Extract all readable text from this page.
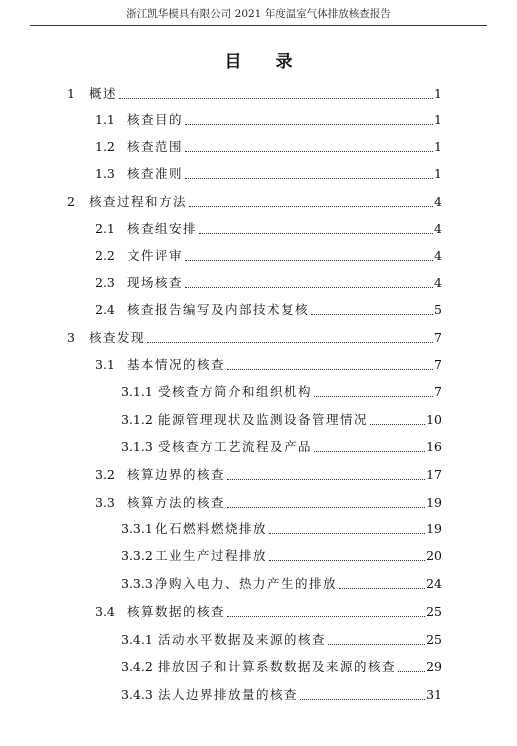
浙江凯华模具有限公司 2021 年度温室气体排放核查报告
目 录
1	概述	1
1.1 核查目的	1
1.2 核查范围	1
1.3 核查准则	1
2	核查过程和方法	4
2.1 核查组安排	4
2.2 文件评审	4
2.3 现场核查	4
2.4 核查报告编写及内部技术复核	5
3	核查发现	7
3.1 基本情况的核查	7
3.1.1 受核查方简介和组织机构	7
3.1.2 能源管理现状及监测设备管理情况	10
3.1.3 受核查方工艺流程及产品	16
3.2 核算边界的核查	17
3.3 核算方法的核查	19
3.3.1 化石燃料燃烧排放	19
3.3.2 工业生产过程排放	20
3.3.3 净购入电力、热力产生的排放	24
3.4 核算数据的核查	25
3.4.1 活动水平数据及来源的核查	25
3.4.2 排放因子和计算系数数据及来源的核查 29
3.4.3 法人边界排放量的核查	31
